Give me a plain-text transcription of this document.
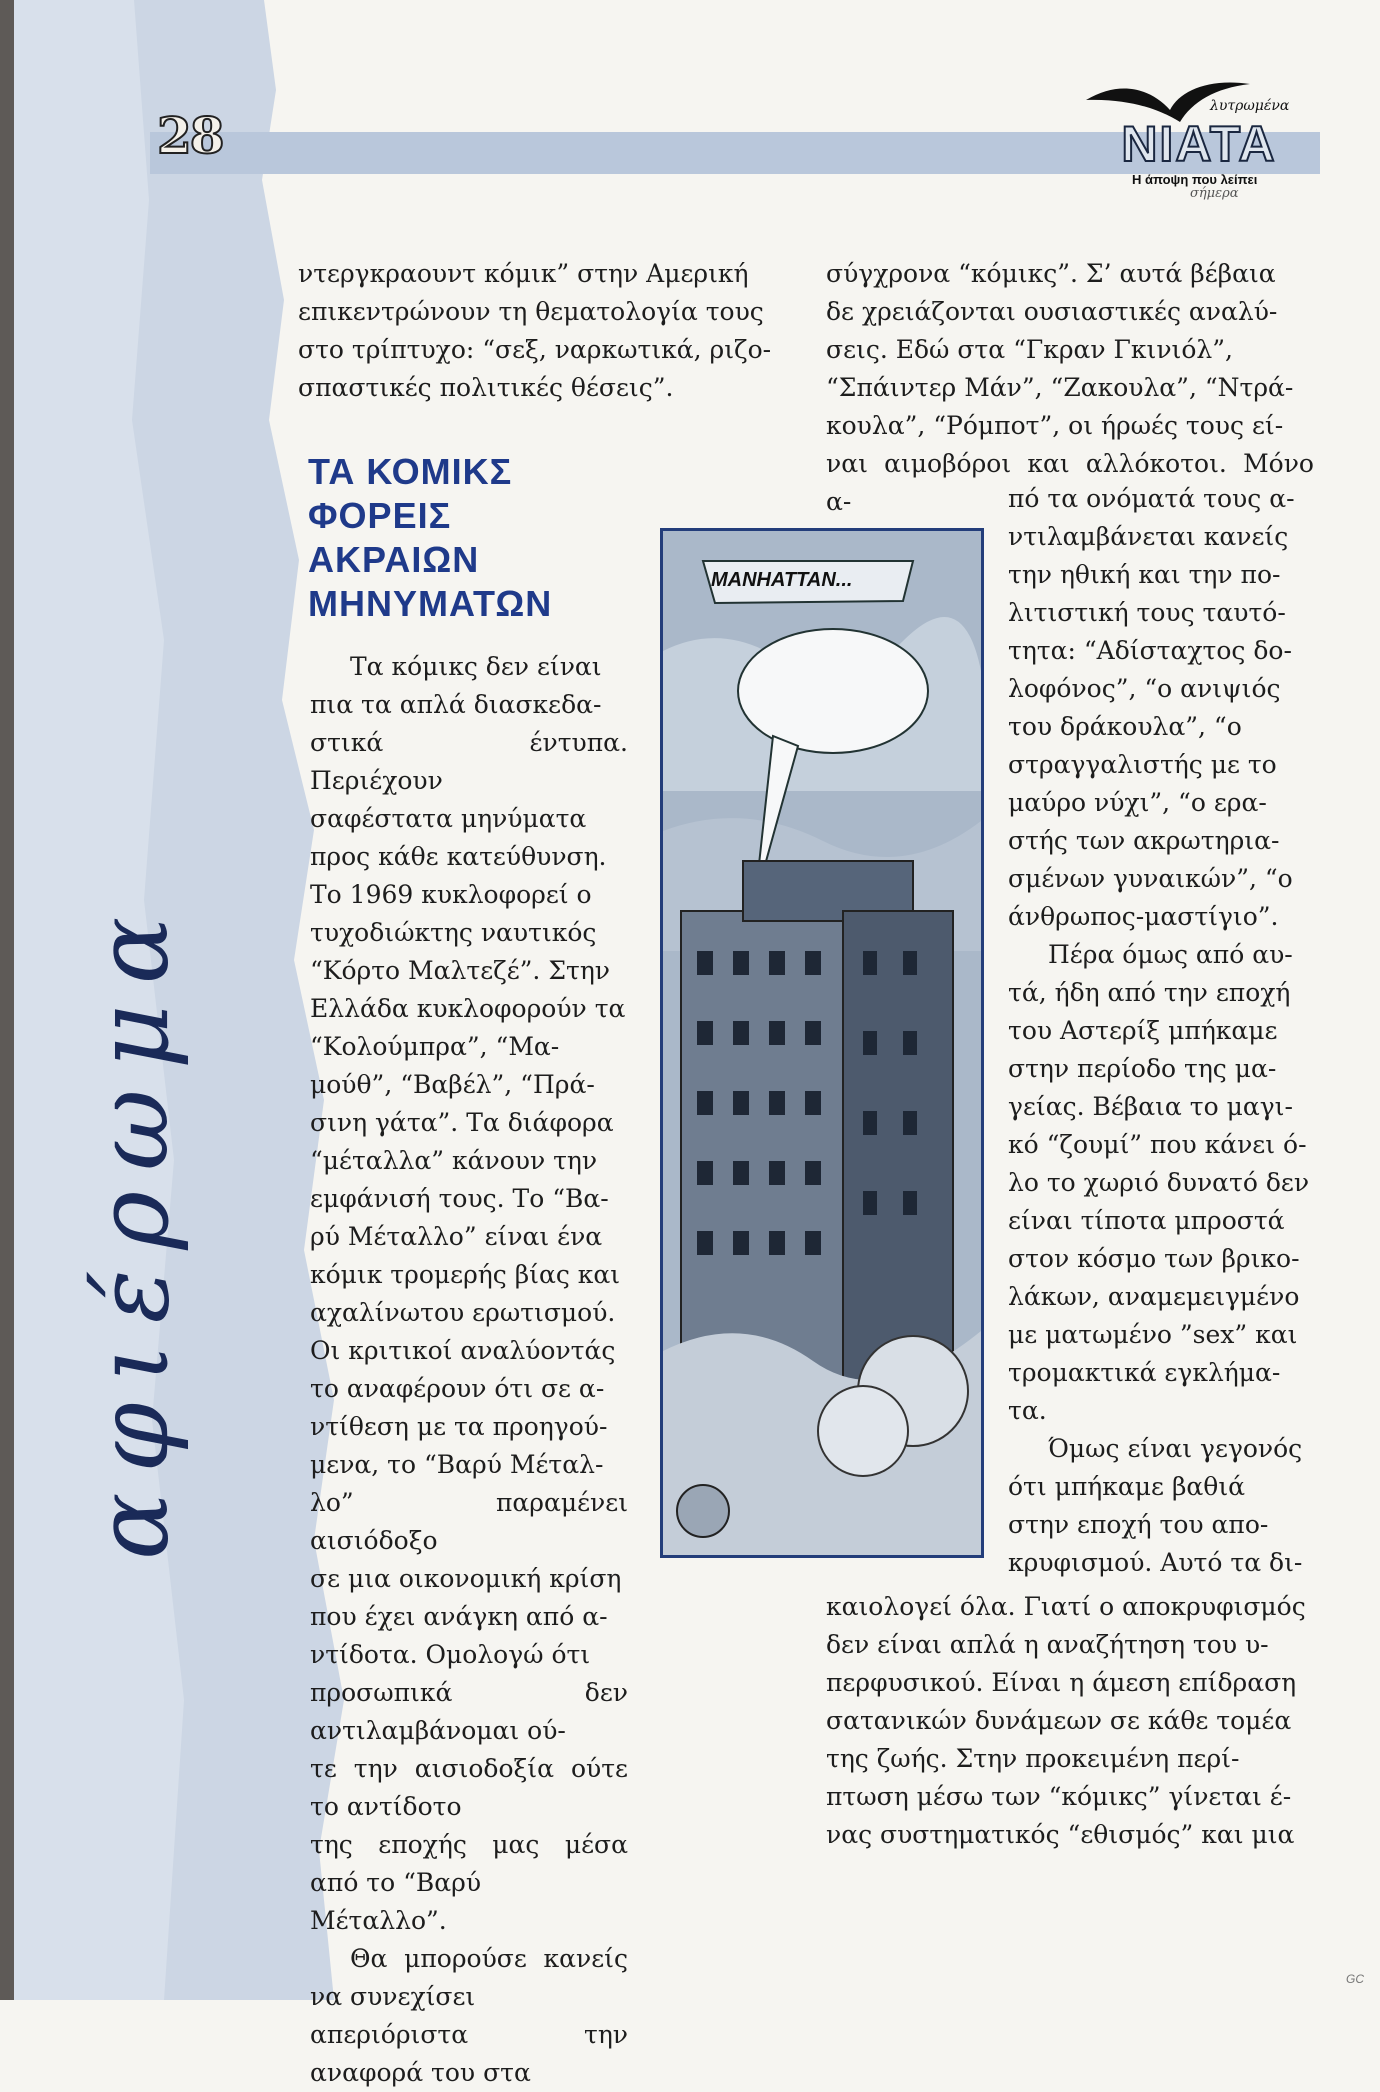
28	λυτρωμένα
NIATA
Η άποψη που λείπει
σήμερα

ντεργκραουντ κόμικ” στην Αμερική

επικεντρώνουν τη θεματολογία τους

στο τρίπτυχο: “σεξ, ναρκωτικά, ριζο-

σπαστικές πολιτικές θέσεις”.

ΤΑ ΚΟΜΙΚΣ
ΦΟΡΕΙΣ
ΑΚΡΑΙΩΝ
ΜΗΝΥΜΑΤΩΝ

Τα κόμικς δεν είναι

πια τα απλά διασκεδα-

στικά έντυπα. Περιέχουν

σαφέστατα μηνύματα

προς κάθε κατεύθυνση.

Το 1969 κυκλοφορεί ο

τυχοδιώκτης ναυτικός

“Κόρτο Μαλτεζέ”. Στην

Ελλάδα κυκλοφορούν τα

“Κολούμπρα”, “Μα-

μούθ”, “Βαβέλ”, “Πρά-

σινη γάτα”. Τα διάφορα

“μέταλλα” κάνουν την

εμφάνισή τους. Το “Βα-

ρύ Μέταλλο” είναι ένα

κόμικ τρομερής βίας και

αχαλίνωτου ερωτισμού.

Οι κριτικοί αναλύοντάς

το αναφέρουν ότι σε α-

ντίθεση με τα προηγού-

μενα, το “Βαρύ Μέταλ-

λο” παραμένει αισιόδοξο

σε μια οικονομική κρίση

που έχει ανάγκη από α-

ντίδοτα. Ομολογώ ότι

προσωπικά δεν αντιλαμβάνομαι ού-

τε την αισιοδοξία ούτε το αντίδοτο

της εποχής μας μέσα από το “Βαρύ

Μέταλλο”.

Θα μπορούσε κανείς να συνεχίσει

απεριόριστα την αναφορά του στα

σύγχρονα “κόμικς”. Σ’ αυτά βέβαια

δε χρειάζονται ουσιαστικές αναλύ-

σεις. Εδώ στα “Γκραν Γκινιόλ”,

“Σπάιντερ Μάν”, “Ζακουλα”, “Ντρά-

κουλα”, “Ρόμποτ”, οι ήρωές τους εί-

ναι αιμοβόροι και αλλόκοτοι. Μόνο α-	πό τα ονόματά τους α-

ντιλαμβάνεται κανείς

την ηθική και την πο-

λιτιστική τους ταυτό-

τητα: “Αδίσταχτος δο-

λοφόνος”, “ο ανιψιός

του δράκουλα”, “ο

στραγγαλιστής με το

μαύρο νύχι”, “ο ερα-

στής των ακρωτηρια-

σμένων γυναικών”, “ο

άνθρωπος-μαστίγιο”.

Πέρα όμως από αυ-

τά, ήδη από την εποχή

του Αστερίξ μπήκαμε

στην περίοδο της μα-

γείας. Βέβαια το μαγι-

κό “ζουμί” που κάνει ό-

λο το χωριό δυνατό δεν

είναι τίποτα μπροστά

στον κόσμο των βρικο-

λάκων, αναμεμειγμένο

με ματωμένο ”sex” και

τρομακτικά εγκλήμα-

τα.

Όμως είναι γεγονός

ότι μπήκαμε βαθιά

στην εποχή του απο-

κρυφισμού. Αυτό τα δι-

καιολογεί όλα. Γιατί ο αποκρυφισμός

δεν είναι απλά η αναζήτηση του υ-

περφυσικού. Είναι η άμεση επίδραση

σατανικών δυνάμεων σε κάθε τομέα

της ζωής. Στην προκειμένη περί-

πτωση μέσω των “κόμικς” γίνεται έ-

νας συστηματικός “εθισμός” και μια

MANHATTAN...
GC
